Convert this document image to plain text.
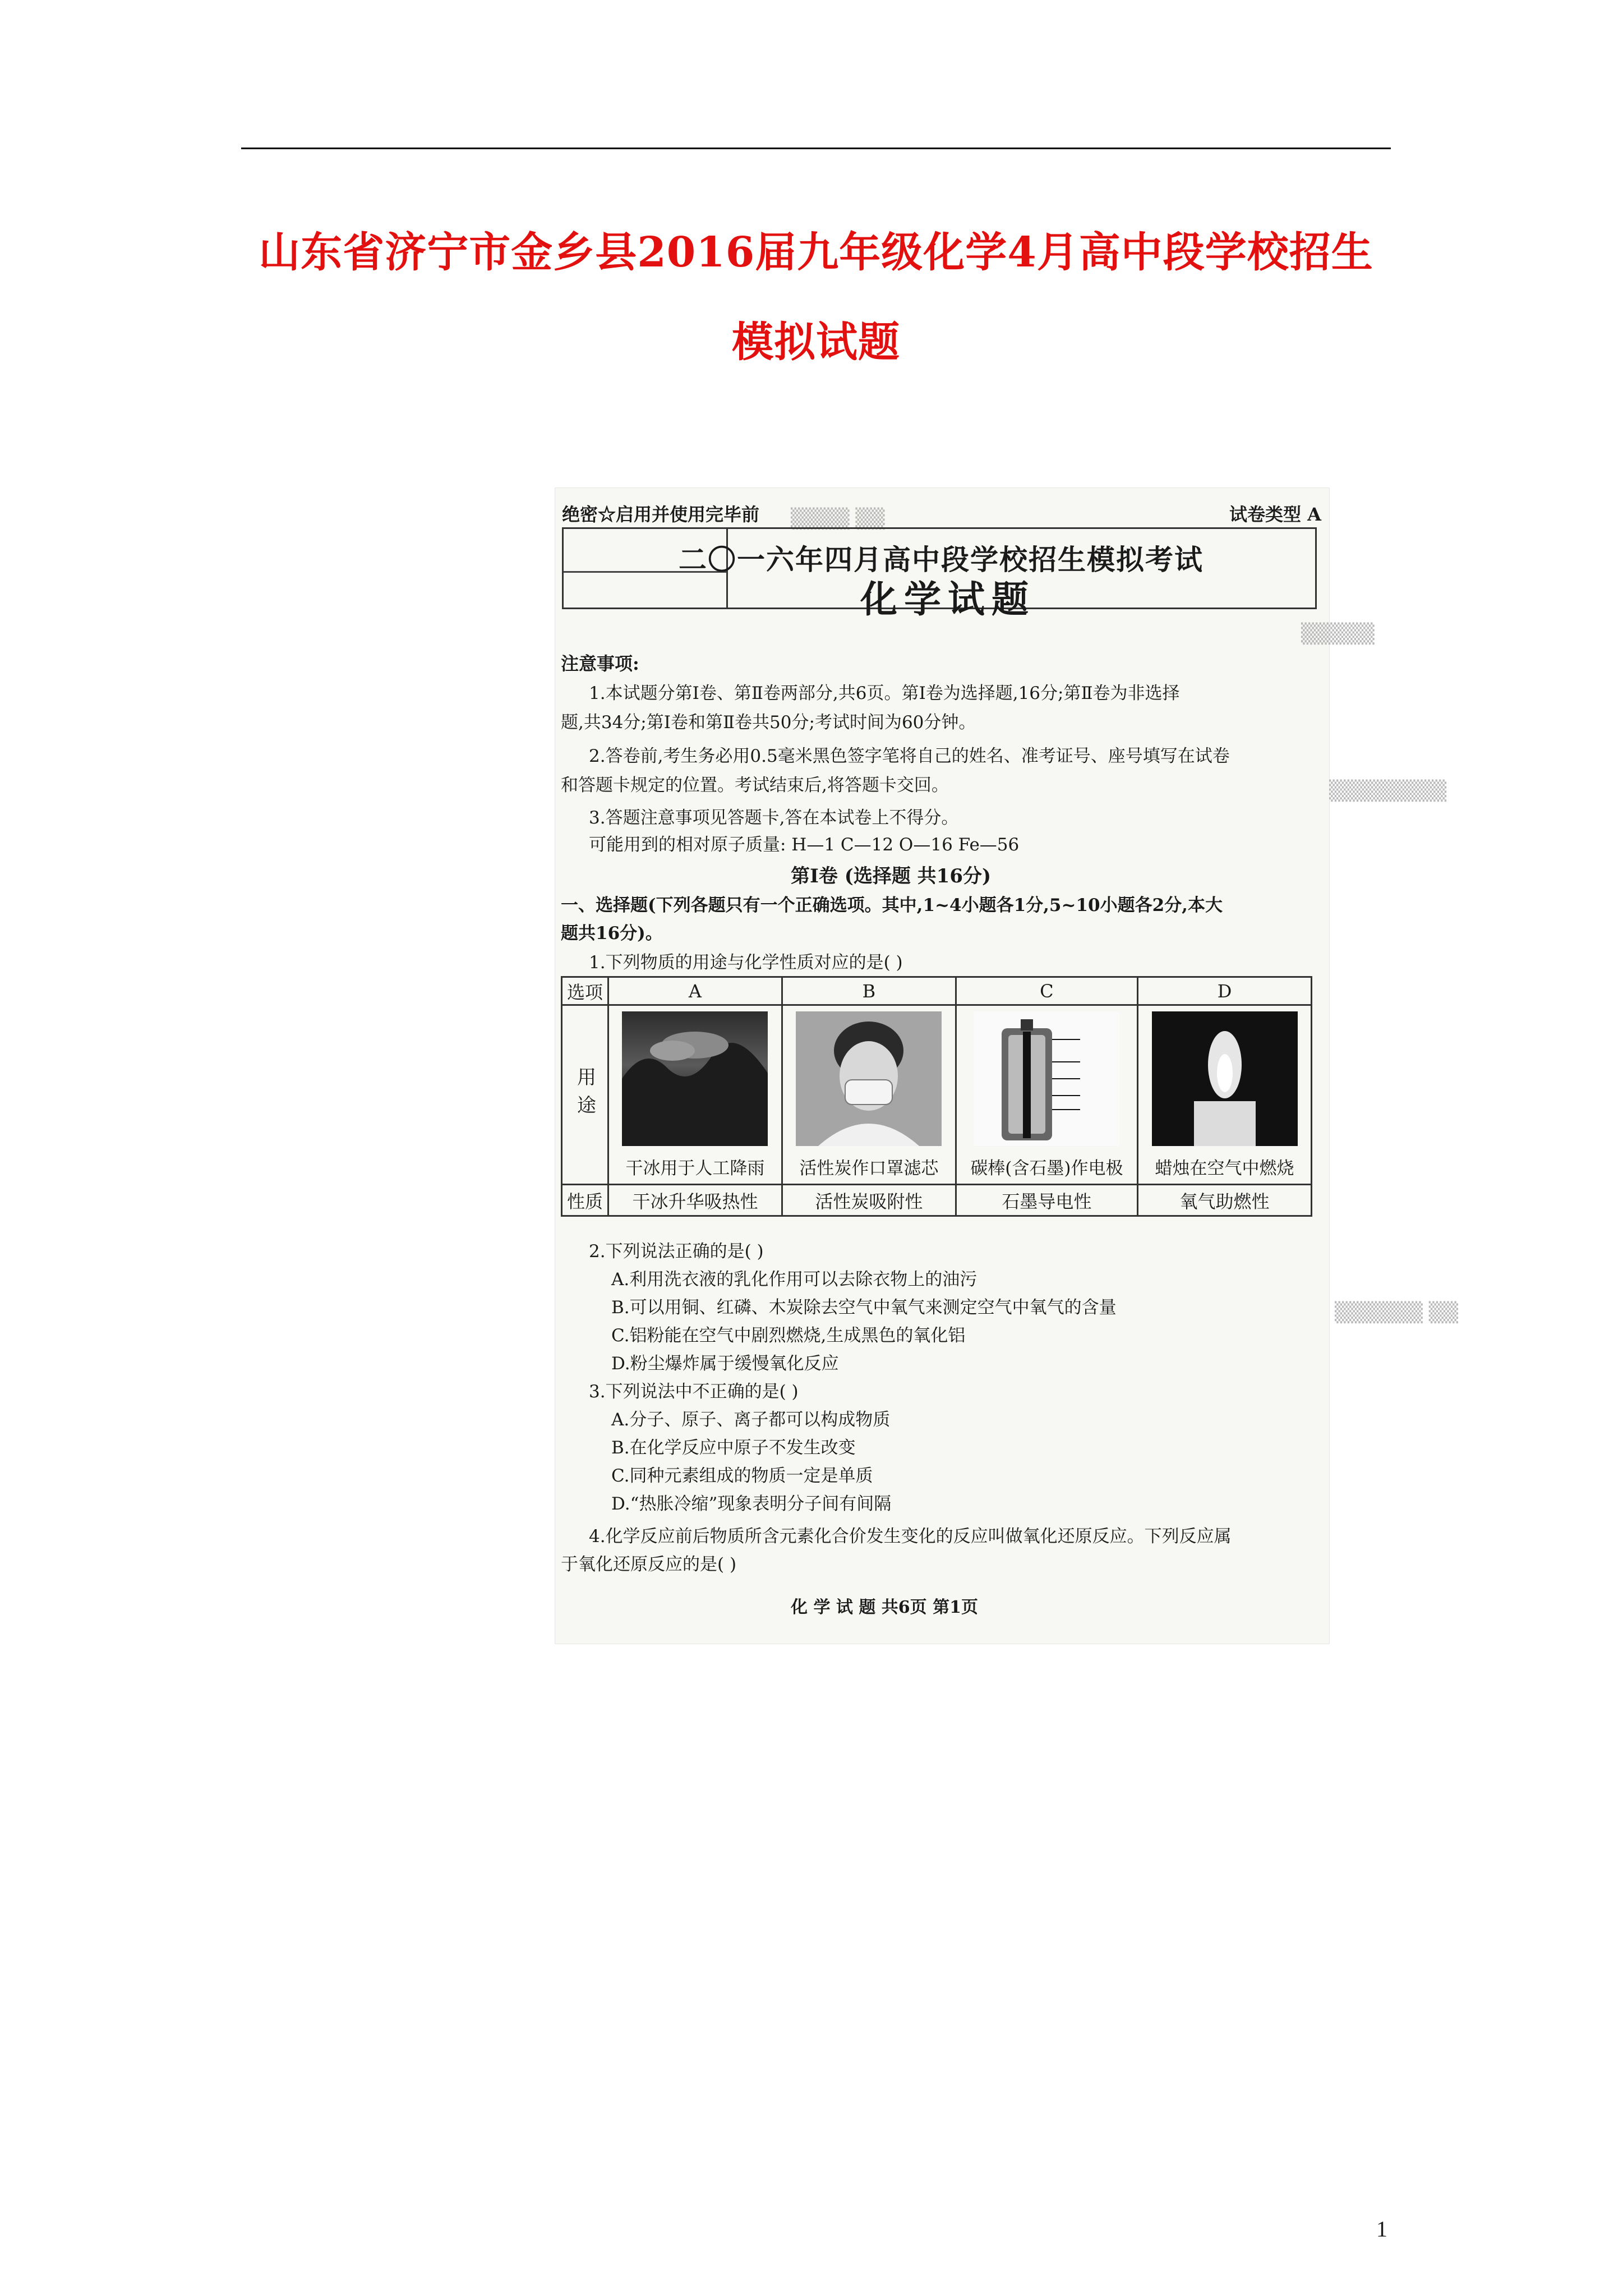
山东省济宁市金乡县2016届九年级化学4月高中段学校招生模拟试题
▒▒▒▒ ▒▒
▒▒▒▒▒
▒▒▒▒▒▒▒▒
▒▒▒▒▒▒ ▒▒
绝密☆启用并使用完毕前	试卷类型 A
二〇一六年四月高中段学校招生模拟考试
化学试题
注意事项:
1.本试题分第Ⅰ卷、第Ⅱ卷两部分,共6页。第Ⅰ卷为选择题,16分;第Ⅱ卷为非选择
题,共34分;第Ⅰ卷和第Ⅱ卷共50分;考试时间为60分钟。
2.答卷前,考生务必用0.5毫米黑色签字笔将自己的姓名、准考证号、座号填写在试卷
和答题卡规定的位置。考试结束后,将答题卡交回。
3.答题注意事项见答题卡,答在本试卷上不得分。
可能用到的相对原子质量: H—1 C—12 O—16 Fe—56
第Ⅰ卷 (选择题 共16分)
一、选择题(下列各题只有一个正确选项。其中,1~4小题各1分,5~10小题各2分,本大
题共16分)。
1.下列物质的用途与化学性质对应的是( )
选项	A	B	C	D
用途	干冰用于人工降雨	活性炭作口罩滤芯	碳棒(含石墨)作电极	蜡烛在空气中燃烧

性质	干冰升华吸热性	活性炭吸附性	石墨导电性	氧气助燃性
2.下列说法正确的是( )
A.利用洗衣液的乳化作用可以去除衣物上的油污
B.可以用铜、红磷、木炭除去空气中氧气来测定空气中氧气的含量
C.铝粉能在空气中剧烈燃烧,生成黑色的氧化铝
D.粉尘爆炸属于缓慢氧化反应
3.下列说法中不正确的是( )
A.分子、原子、离子都可以构成物质
B.在化学反应中原子不发生改变
C.同种元素组成的物质一定是单质
D.“热胀冷缩”现象表明分子间有间隔
4.化学反应前后物质所含元素化合价发生变化的反应叫做氧化还原反应。下列反应属
于氧化还原反应的是( )
化 学 试 题 共6页 第1页
1
